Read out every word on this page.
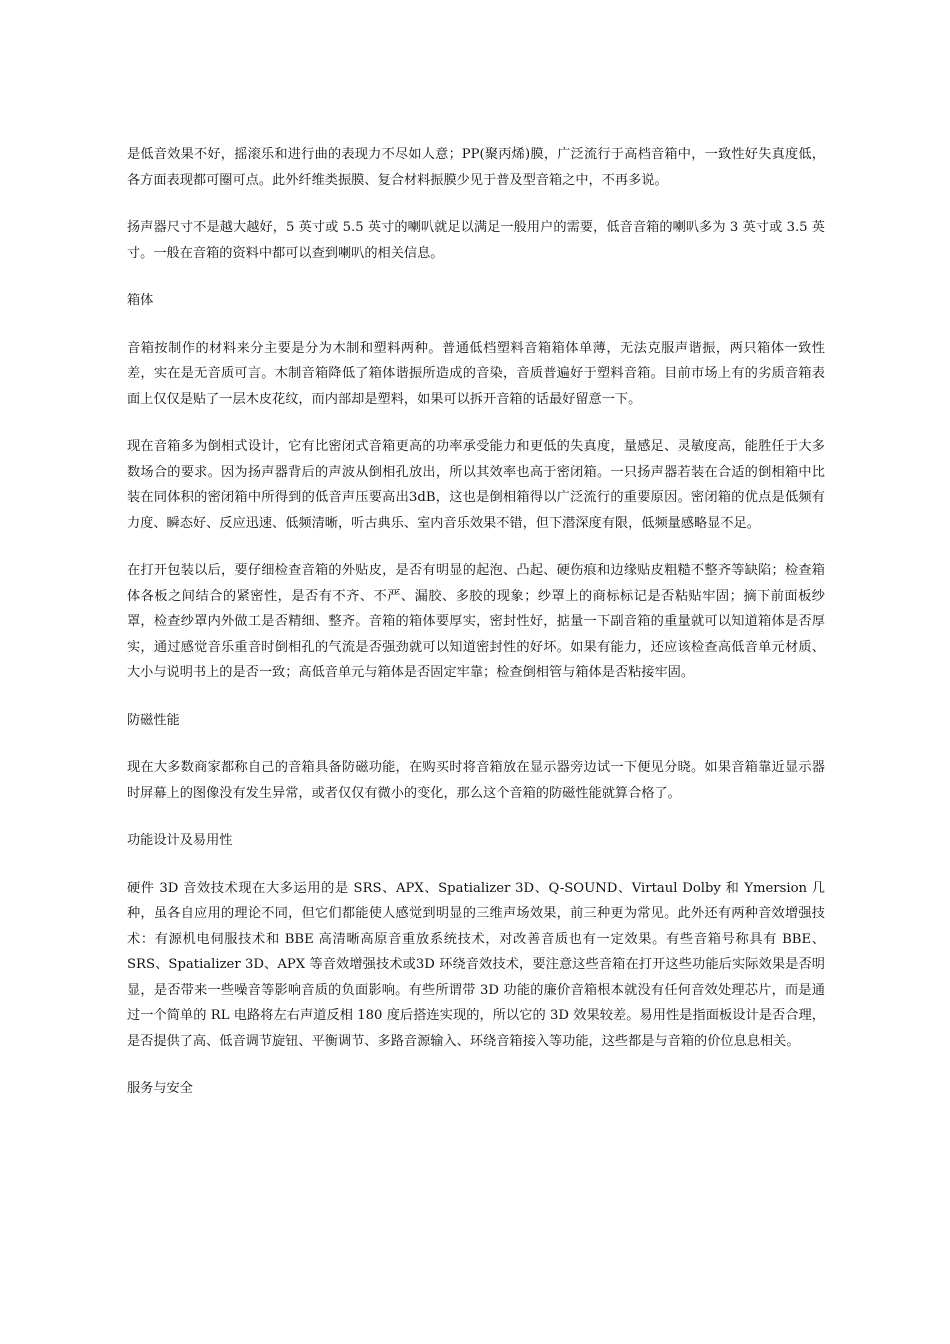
是低音效果不好，摇滚乐和进行曲的表现力不尽如人意；PP(聚丙烯)膜，广泛流行于高档音箱中，一致性好失真度低，各方面表现都可圈可点。此外纤维类振膜、复合材料振膜少见于普及型音箱之中，不再多说。

扬声器尺寸不是越大越好，5 英寸或 5.5 英寸的喇叭就足以满足一般用户的需要，低音音箱的喇叭多为 3 英寸或 3.5 英寸。一般在音箱的资料中都可以查到喇叭的相关信息。

箱体

音箱按制作的材料来分主要是分为木制和塑料两种。普通低档塑料音箱箱体单薄，无法克服声谐振，两只箱体一致性差，实在是无音质可言。木制音箱降低了箱体谐振所造成的音染，音质普遍好于塑料音箱。目前市场上有的劣质音箱表面上仅仅是贴了一层木皮花纹，而内部却是塑料，如果可以拆开音箱的话最好留意一下。

现在音箱多为倒相式设计，它有比密闭式音箱更高的功率承受能力和更低的失真度，量感足、灵敏度高，能胜任于大多数场合的要求。因为扬声器背后的声波从倒相孔放出，所以其效率也高于密闭箱。一只扬声器若装在合适的倒相箱中比装在同体积的密闭箱中所得到的低音声压要高出3dB，这也是倒相箱得以广泛流行的重要原因。密闭箱的优点是低频有力度、瞬态好、反应迅速、低频清晰，听古典乐、室内音乐效果不错，但下潜深度有限，低频量感略显不足。

在打开包装以后，要仔细检查音箱的外贴皮，是否有明显的起泡、凸起、硬伤痕和边缘贴皮粗糙不整齐等缺陷；检查箱体各板之间结合的紧密性，是否有不齐、不严、漏胶、多胶的现象；纱罩上的商标标记是否粘贴牢固；摘下前面板纱罩，检查纱罩内外做工是否精细、整齐。音箱的箱体要厚实，密封性好，掂量一下副音箱的重量就可以知道箱体是否厚实，通过感觉音乐重音时倒相孔的气流是否强劲就可以知道密封性的好坏。如果有能力，还应该检查高低音单元材质、大小与说明书上的是否一致；高低音单元与箱体是否固定牢靠；检查倒相管与箱体是否粘接牢固。

防磁性能

现在大多数商家都称自己的音箱具备防磁功能，在购买时将音箱放在显示器旁边试一下便见分晓。如果音箱靠近显示器时屏幕上的图像没有发生异常，或者仅仅有微小的变化，那么这个音箱的防磁性能就算合格了。

功能设计及易用性

硬件 3D 音效技术现在大多运用的是 SRS、APX、Spatializer 3D、Q-SOUND、Virtaul Dolby 和 Ymersion 几种，虽各自应用的理论不同，但它们都能使人感觉到明显的三维声场效果，前三种更为常见。此外还有两种音效增强技术：有源机电伺服技术和 BBE 高清晰高原音重放系统技术，对改善音质也有一定效果。有些音箱号称具有 BBE、SRS、Spatializer 3D、APX 等音效增强技术或3D 环绕音效技术，要注意这些音箱在打开这些功能后实际效果是否明显，是否带来一些噪音等影响音质的负面影响。有些所谓带 3D 功能的廉价音箱根本就没有任何音效处理芯片，而是通过一个简单的 RL 电路将左右声道反相 180 度后搭连实现的，所以它的 3D 效果较差。易用性是指面板设计是否合理，是否提供了高、低音调节旋钮、平衡调节、多路音源输入、环绕音箱接入等功能，这些都是与音箱的价位息息相关。

服务与安全
